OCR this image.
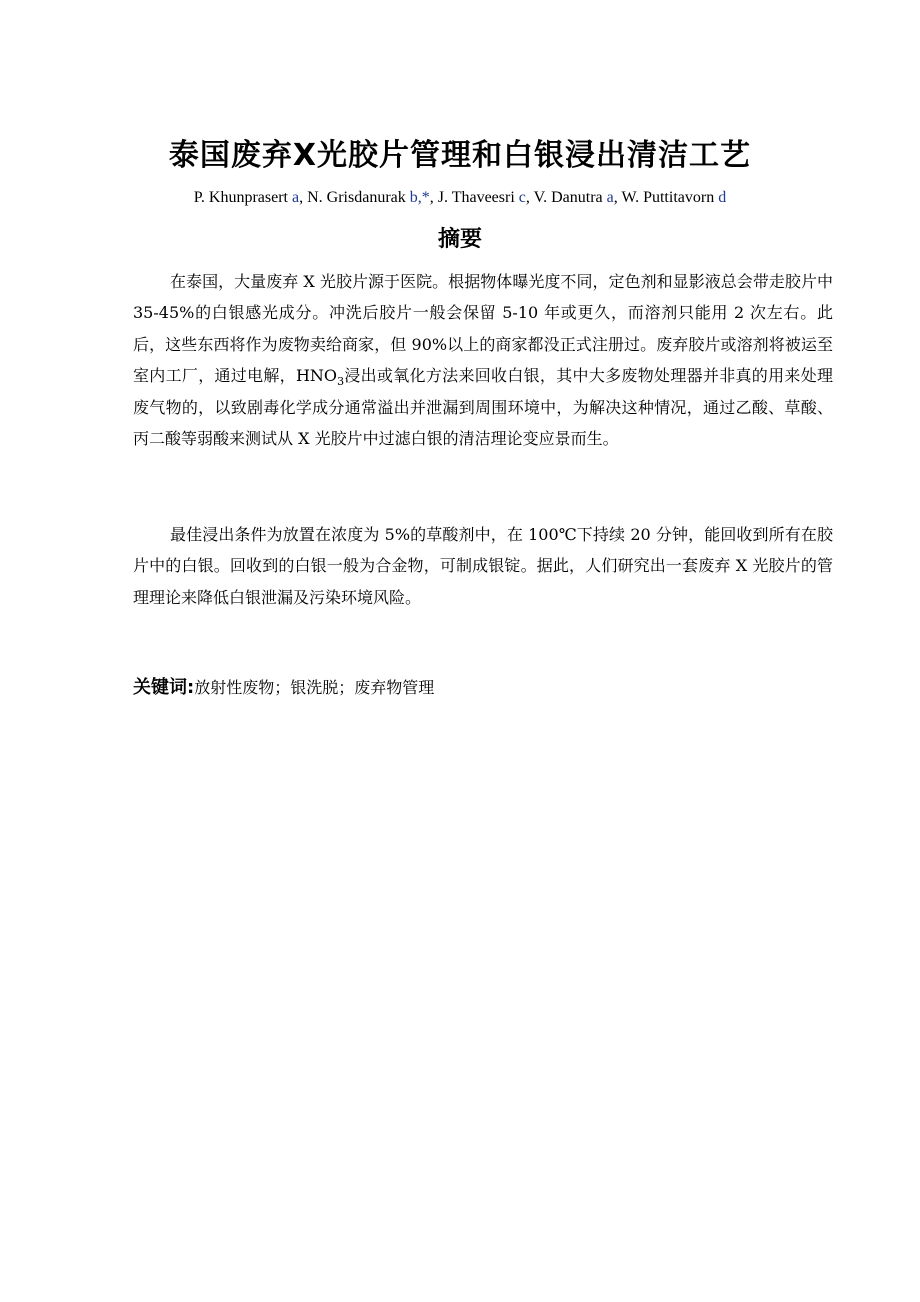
泰国废弃X光胶片管理和白银浸出清洁工艺
P. Khunprasert a, N. Grisdanurak b,*, J. Thaveesri c, V. Danutra a, W. Puttitavorn d
摘要

在泰国，大量废弃 X 光胶片源于医院。根据物体曝光度不同，定色剂和显影液总会带走胶片中 35-45%的白银感光成分。冲洗后胶片一般会保留 5-10 年或更久，而溶剂只能用 2 次左右。此后，这些东西将作为废物卖给商家，但 90%以上的商家都没正式注册过。废弃胶片或溶剂将被运至室内工厂，通过电解，$HNO_3$浸出或氧化方法来回收白银，其中大多废物处理器并非真的用来处理废气物的，以致剧毒化学成分通常溢出并泄漏到周围环境中，为解决这种情况，通过乙酸、草酸、丙二酸等弱酸来测试从 X 光胶片中过滤白银的清洁理论变应景而生。

最佳浸出条件为放置在浓度为 5%的草酸剂中，在 100℃下持续 20 分钟，能回收到所有在胶片中的白银。回收到的白银一般为合金物，可制成银锭。据此，人们研究出一套废弃 X 光胶片的管理理论来降低白银泄漏及污染环境风险。

关键词:放射性废物；银洗脱；废弃物管理
